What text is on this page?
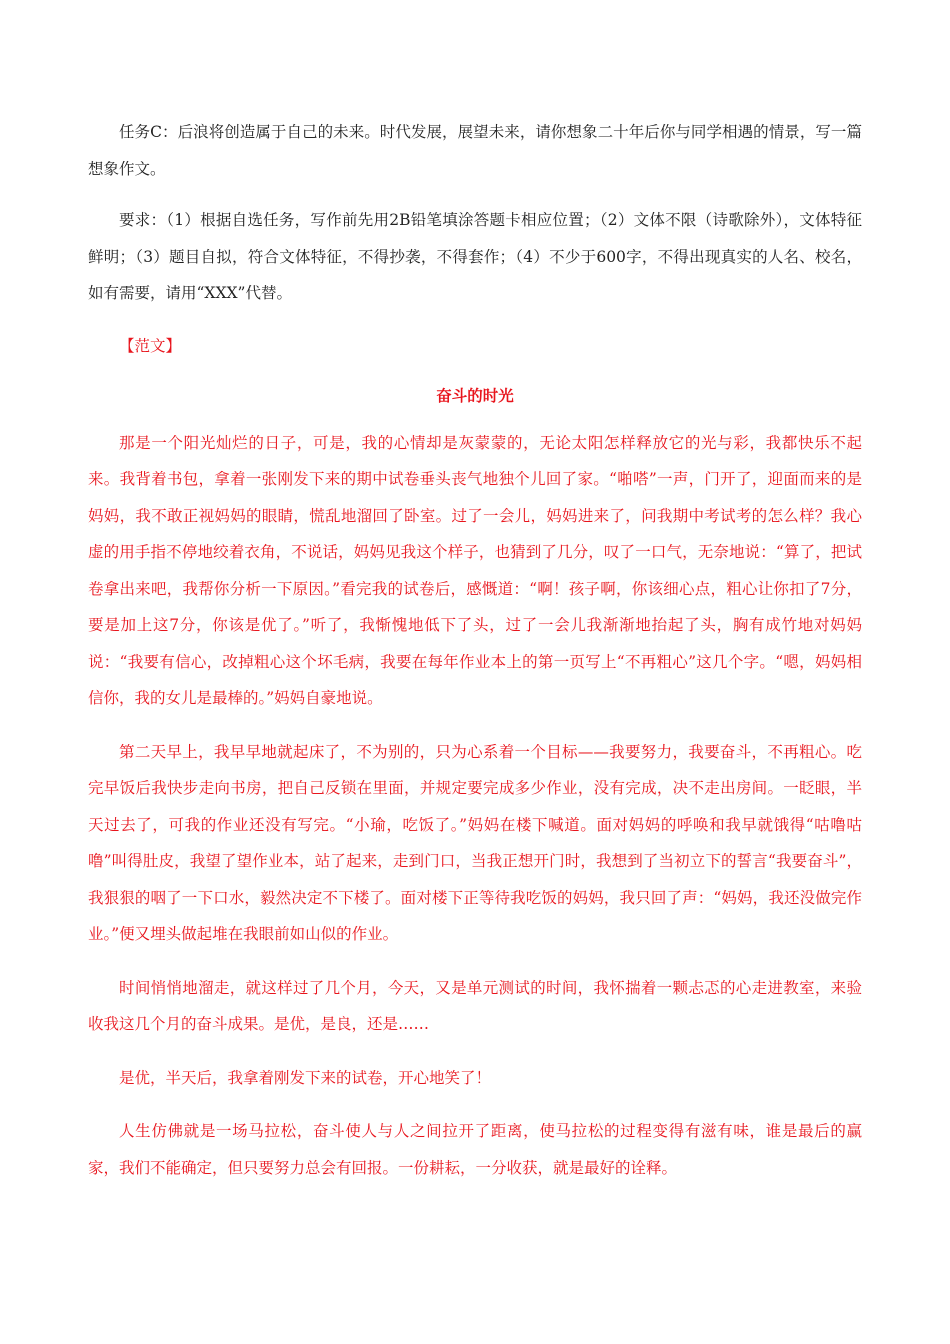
任务C：后浪将创造属于自己的未来。时代发展，展望未来，请你想象二十年后你与同学相遇的情景，写一篇想象作文。

要求：（1）根据自选任务，写作前先用2B铅笔填涂答题卡相应位置；（2）文体不限（诗歌除外），文体特征鲜明；（3）题目自拟，符合文体特征，不得抄袭，不得套作；（4）不少于600字，不得出现真实的人名、校名，如有需要，请用“XXX”代替。

【范文】

奋斗的时光

那是一个阳光灿烂的日子，可是，我的心情却是灰蒙蒙的，无论太阳怎样释放它的光与彩，我都快乐不起来。我背着书包，拿着一张刚发下来的期中试卷垂头丧气地独个儿回了家。“啪嗒”一声，门开了，迎面而来的是妈妈，我不敢正视妈妈的眼睛，慌乱地溜回了卧室。过了一会儿，妈妈进来了，问我期中考试考的怎么样？我心虚的用手指不停地绞着衣角，不说话，妈妈见我这个样子，也猜到了几分，叹了一口气，无奈地说：“算了，把试卷拿出来吧，我帮你分析一下原因。”看完我的试卷后，感慨道：“啊！孩子啊，你该细心点，粗心让你扣了7分，要是加上这7分，你该是优了。”听了，我惭愧地低下了头，过了一会儿我渐渐地抬起了头，胸有成竹地对妈妈说：“我要有信心，改掉粗心这个坏毛病，我要在每年作业本上的第一页写上“不再粗心”这几个字。“嗯，妈妈相信你，我的女儿是最棒的。”妈妈自豪地说。

第二天早上，我早早地就起床了，不为别的，只为心系着一个目标——我要努力，我要奋斗，不再粗心。吃完早饭后我快步走向书房，把自己反锁在里面，并规定要完成多少作业，没有完成，决不走出房间。一眨眼，半天过去了，可我的作业还没有写完。“小瑜，吃饭了。”妈妈在楼下喊道。面对妈妈的呼唤和我早就饿得“咕噜咕噜”叫得肚皮，我望了望作业本，站了起来，走到门口，当我正想开门时，我想到了当初立下的誓言“我要奋斗”，我狠狠的咽了一下口水，毅然决定不下楼了。面对楼下正等待我吃饭的妈妈，我只回了声：“妈妈，我还没做完作业。”便又埋头做起堆在我眼前如山似的作业。

时间悄悄地溜走，就这样过了几个月，今天，又是单元测试的时间，我怀揣着一颗忐忑的心走进教室，来验收我这几个月的奋斗成果。是优，是良，还是……

是优，半天后，我拿着刚发下来的试卷，开心地笑了！

人生仿佛就是一场马拉松，奋斗使人与人之间拉开了距离，使马拉松的过程变得有滋有味，谁是最后的赢家，我们不能确定，但只要努力总会有回报。一份耕耘，一分收获，就是最好的诠释。
